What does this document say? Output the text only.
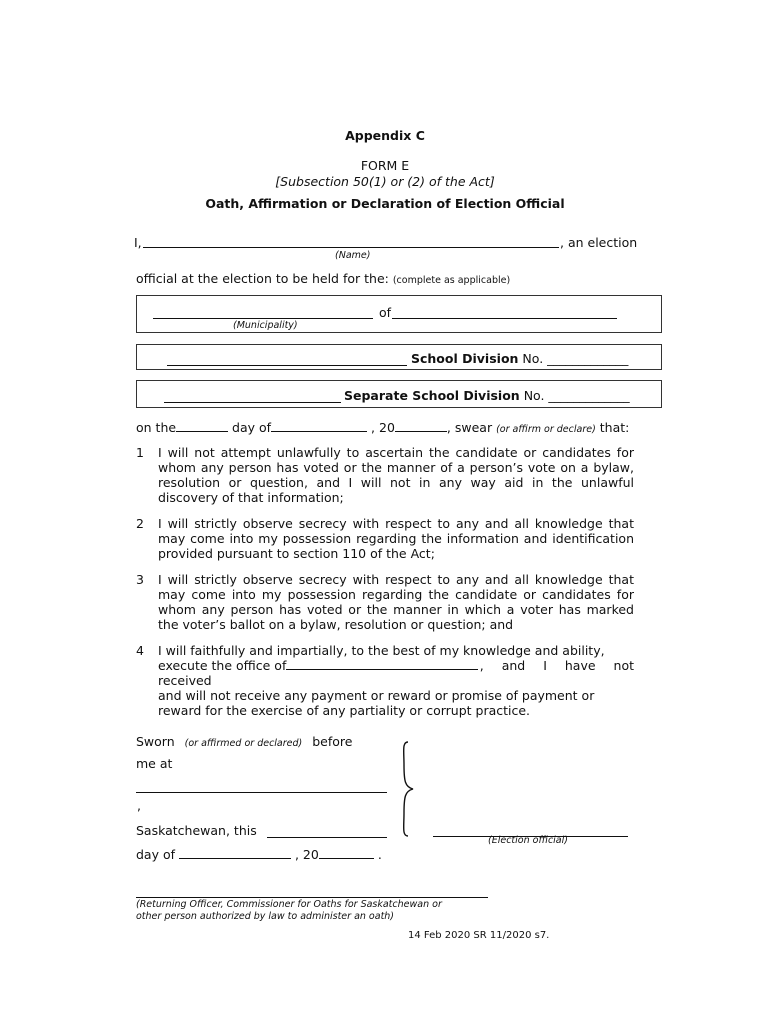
Appendix C
FORM E
[Subsection 50(1) or (2) of the Act]
Oath, Affirmation or Declaration of Election Official
I,	, an election
(Name)
official at the election to be held for the: (complete as applicable)
of
(Municipality)
School Division No. _____________
Separate School Division No. _____________
on the	day of	, 20	, swear (or affirm or declare) that:
1 I will not attempt unlawfully to ascertain the candidate or candidates for whom any person has voted or the manner of a person’s vote on a bylaw, resolution or question, and I will not in any way aid in the unlawful discovery of that information;
2 I will strictly observe secrecy with respect to any and all knowledge that may come into my possession regarding the information and identification provided pursuant to section 110 of the Act;
3 I will strictly observe secrecy with respect to any and all knowledge that may come into my possession regarding the candidate or candidates for whom any person has voted or the manner in which a voter has marked the voter’s ballot on a bylaw, resolution or question; and
4 I will faithfully and impartially, to the best of my knowledge and ability,
execute the office of	, and I have not
received
and will not receive any payment or reward or promise of payment or
reward for the exercise of any partiality or corrupt practice.
Sworn (or affirmed or declared) before
me at
,
Saskatchewan, this
day of	, 20	.
(Election official)
(Returning Officer, Commissioner for Oaths for Saskatchewan or
other person authorized by law to administer an oath)
14 Feb 2020 SR 11/2020 s7.
